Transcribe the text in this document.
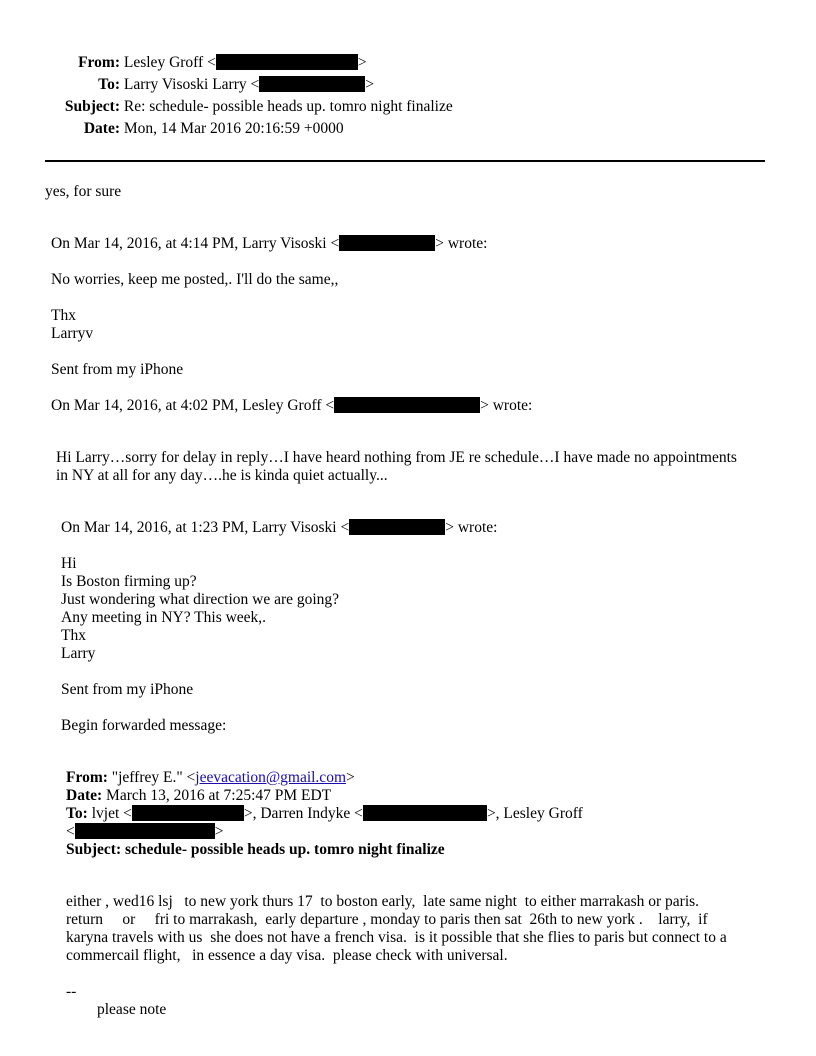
From: Lesley Groff <	>
To: Larry Visoski Larry <	>
Subject: Re: schedule- possible heads up. tomro night finalize
Date: Mon, 14 Mar 2016 20:16:59 +0000
yes, for sure
On Mar 14, 2016, at 4:14 PM, Larry Visoski <	> wrote:
No worries, keep me posted,. I'll do the same,,
Thx
Larryv
Sent from my iPhone
On Mar 14, 2016, at 4:02 PM, Lesley Groff <	> wrote:
Hi Larry…sorry for delay in reply…I have heard nothing from JE re schedule…I have made no appointments
in NY at all for any day….he is kinda quiet actually...
On Mar 14, 2016, at 1:23 PM, Larry Visoski <	> wrote:
Hi
Is Boston firming up?
Just wondering what direction we are going?
Any meeting in NY? This week,.
Thx
Larry
Sent from my iPhone
Begin forwarded message:
From: "jeffrey E." <jeevacation@gmail.com>
Date: March 13, 2016 at 7:25:47 PM EDT
To: lvjet <	>, Darren Indyke <	>, Lesley Groff
<	>
Subject: schedule- possible heads up. tomro night finalize
either , wed16 lsj   to new york thurs 17  to boston early,  late same night  to either marrakash or paris.
return     or     fri to marrakash,  early departure , monday to paris then sat  26th to new york .    larry,  if
karyna travels with us  she does not have a french visa.  is it possible that she flies to paris but connect to a
commercail flight,   in essence a day visa.  please check with universal.
--
please note
